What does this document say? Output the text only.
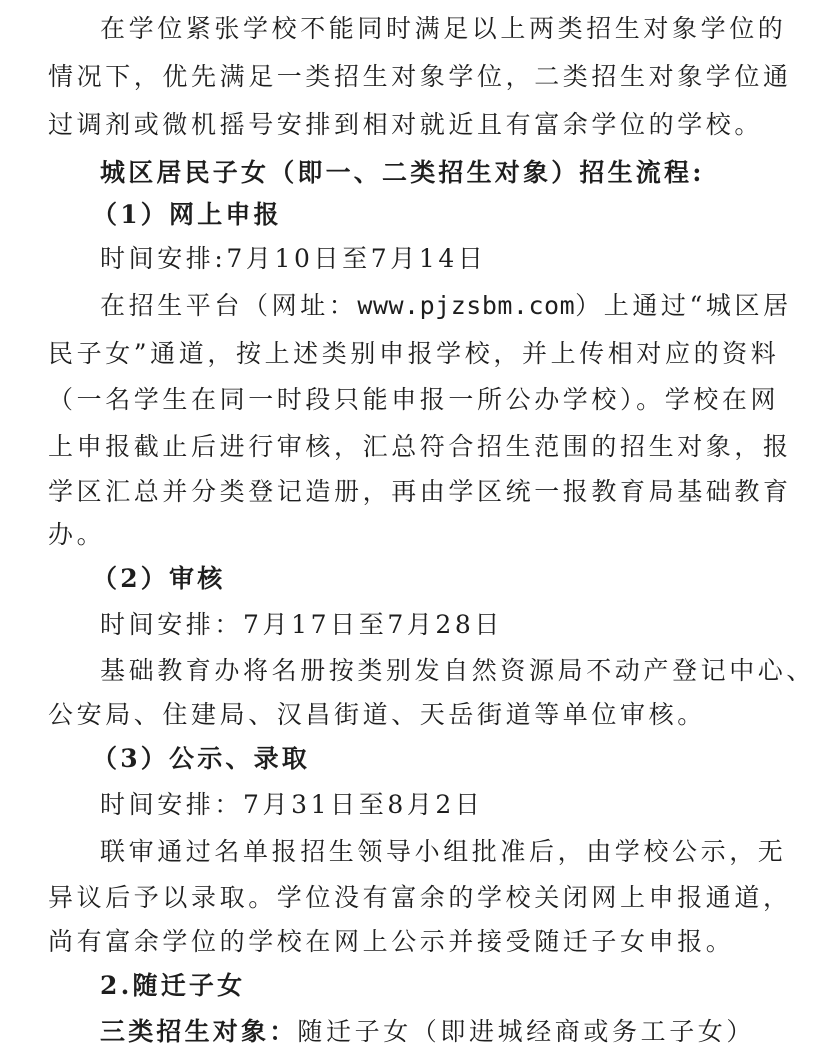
在学位紧张学校不能同时满足以上两类招生对象学位的
情况下，优先满足一类招生对象学位，二类招生对象学位通
过调剂或微机摇号安排到相对就近且有富余学位的学校。
城区居民子女（即一、二类招生对象）招生流程:
（1）网上申报
时间安排:7月10日至7月14日
在招生平台（网址：www.pjzsbm.com）上通过“城区居
民子女”通道，按上述类别申报学校，并上传相对应的资料
（一名学生在同一时段只能申报一所公办学校）。学校在网
上申报截止后进行审核，汇总符合招生范围的招生对象，报
学区汇总并分类登记造册，再由学区统一报教育局基础教育
办。
（2）审核
时间安排：7月17日至7月28日
基础教育办将名册按类别发自然资源局不动产登记中心、
公安局、住建局、汉昌街道、天岳街道等单位审核。
（3）公示、录取
时间安排：7月31日至8月2日
联审通过名单报招生领导小组批准后，由学校公示，无
异议后予以录取。学位没有富余的学校关闭网上申报通道，
尚有富余学位的学校在网上公示并接受随迁子女申报。
2.随迁子女
三类招生对象：随迁子女（即进城经商或务工子女）
